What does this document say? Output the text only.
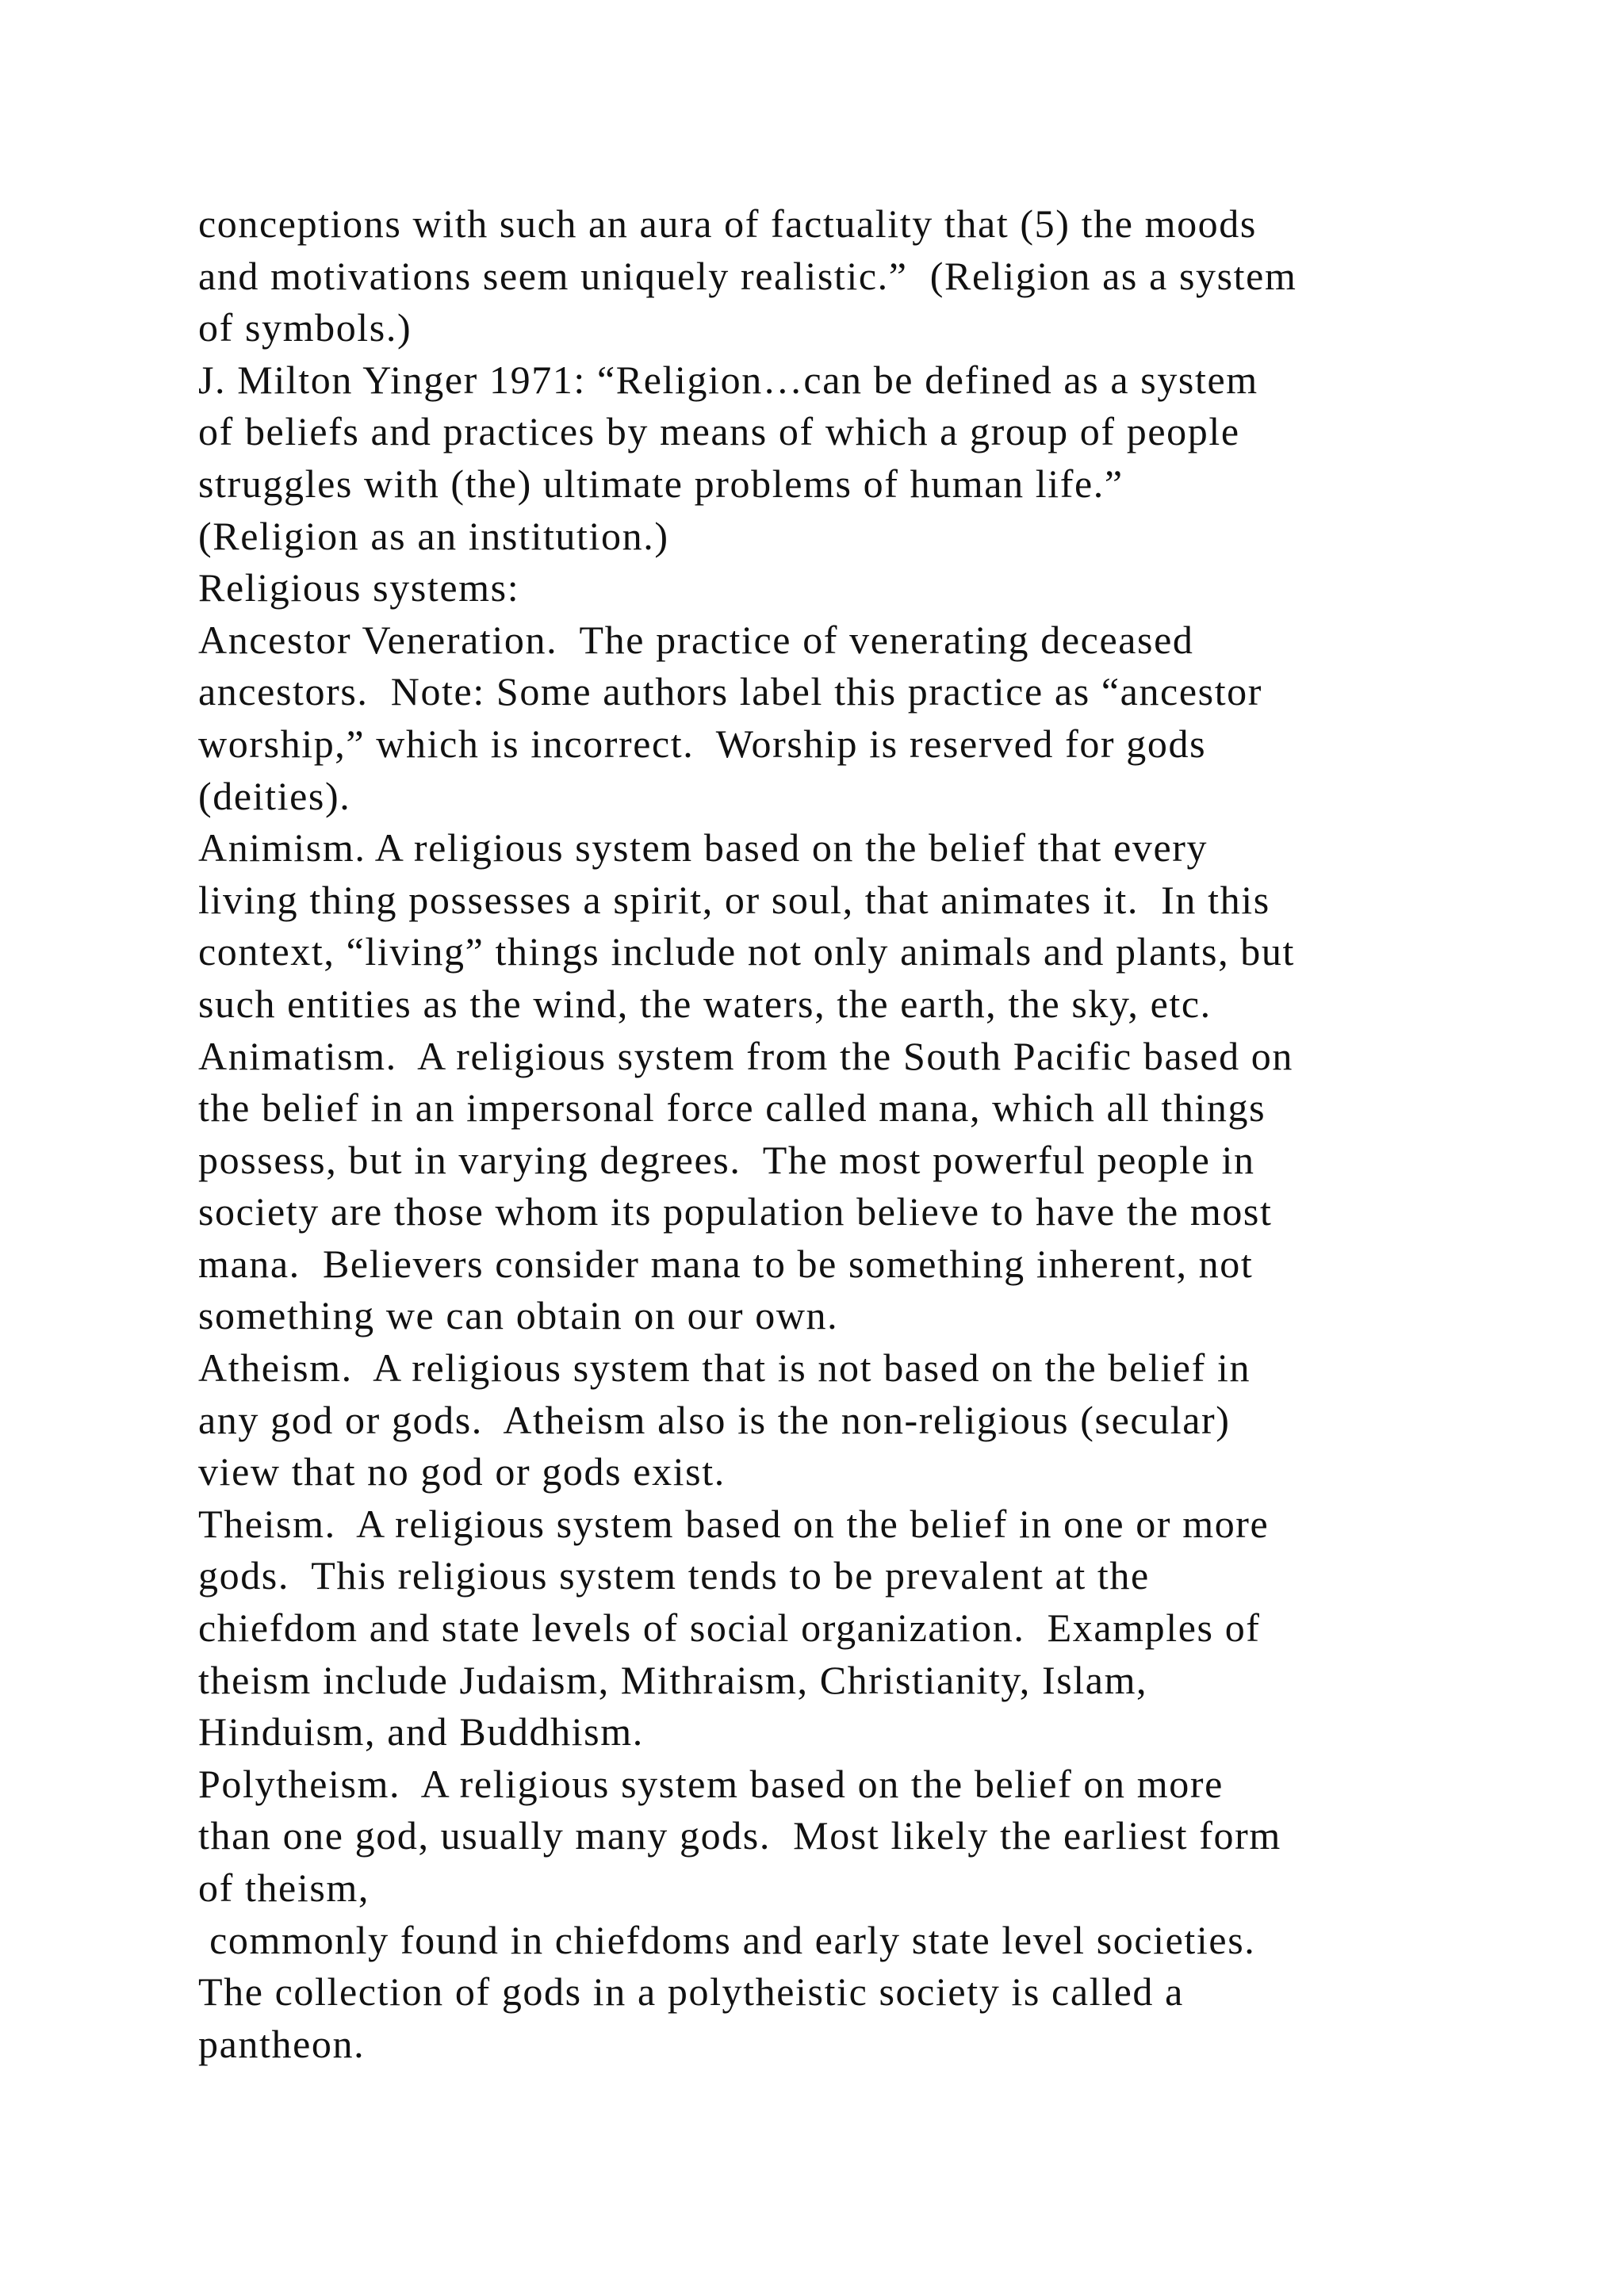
conceptions with such an aura of factuality that (5) the moods
and motivations seem uniquely realistic.”  (Religion as a system
of symbols.)
J. Milton Yinger 1971: “Religion…can be defined as a system
of beliefs and practices by means of which a group of people
struggles with (the) ultimate problems of human life.”
(Religion as an institution.)
Religious systems:
Ancestor Veneration.  The practice of venerating deceased
ancestors.  Note: Some authors label this practice as “ancestor
worship,” which is incorrect.  Worship is reserved for gods
(deities).
Animism. A religious system based on the belief that every
living thing possesses a spirit, or soul, that animates it.  In this
context, “living” things include not only animals and plants, but
such entities as the wind, the waters, the earth, the sky, etc.
Animatism.  A religious system from the South Pacific based on
the belief in an impersonal force called mana, which all things
possess, but in varying degrees.  The most powerful people in
society are those whom its population believe to have the most
mana.  Believers consider mana to be something inherent, not
something we can obtain on our own.
Atheism.  A religious system that is not based on the belief in
any god or gods.  Atheism also is the non-religious (secular)
view that no god or gods exist.
Theism.  A religious system based on the belief in one or more
gods.  This religious system tends to be prevalent at the
chiefdom and state levels of social organization.  Examples of
theism include Judaism, Mithraism, Christianity, Islam,
Hinduism, and Buddhism.
Polytheism.  A religious system based on the belief on more
than one god, usually many gods.  Most likely the earliest form
of theism,
commonly found in chiefdoms and early state level societies.
The collection of gods in a polytheistic society is called a
pantheon.
